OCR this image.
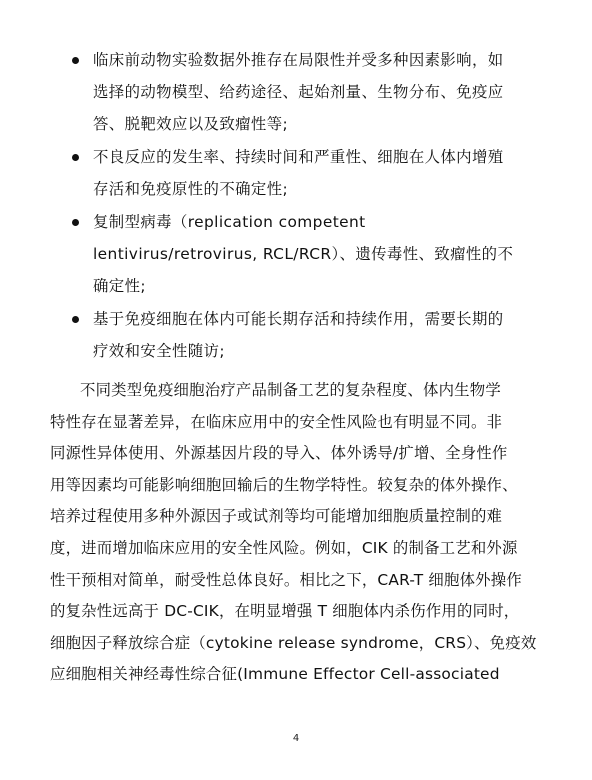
临床前动物实验数据外推存在局限性并受多种因素影响，如
选择的动物模型、给药途径、起始剂量、生物分布、免疫应
答、脱靶效应以及致瘤性等;
不良反应的发生率、持续时间和严重性、细胞在人体内增殖
存活和免疫原性的不确定性;
复制型病毒（replication competent
lentivirus/retrovirus, RCL/RCR）、遗传毒性、致瘤性的不
确定性;
基于免疫细胞在体内可能长期存活和持续作用，需要长期的
疗效和安全性随访;
不同类型免疫细胞治疗产品制备工艺的复杂程度、体内生物学
特性存在显著差异，在临床应用中的安全性风险也有明显不同。非
同源性异体使用、外源基因片段的导入、体外诱导/扩增、全身性作
用等因素均可能影响细胞回输后的生物学特性。较复杂的体外操作、
培养过程使用多种外源因子或试剂等均可能增加细胞质量控制的难
度，进而增加临床应用的安全性风险。例如，CIK 的制备工艺和外源
性干预相对简单，耐受性总体良好。相比之下，CAR-T 细胞体外操作
的复杂性远高于 DC-CIK，在明显增强 T 细胞体内杀伤作用的同时，
细胞因子释放综合症（cytokine release syndrome，CRS）、免疫效
应细胞相关神经毒性综合征(Immune Effector Cell-associated
4
